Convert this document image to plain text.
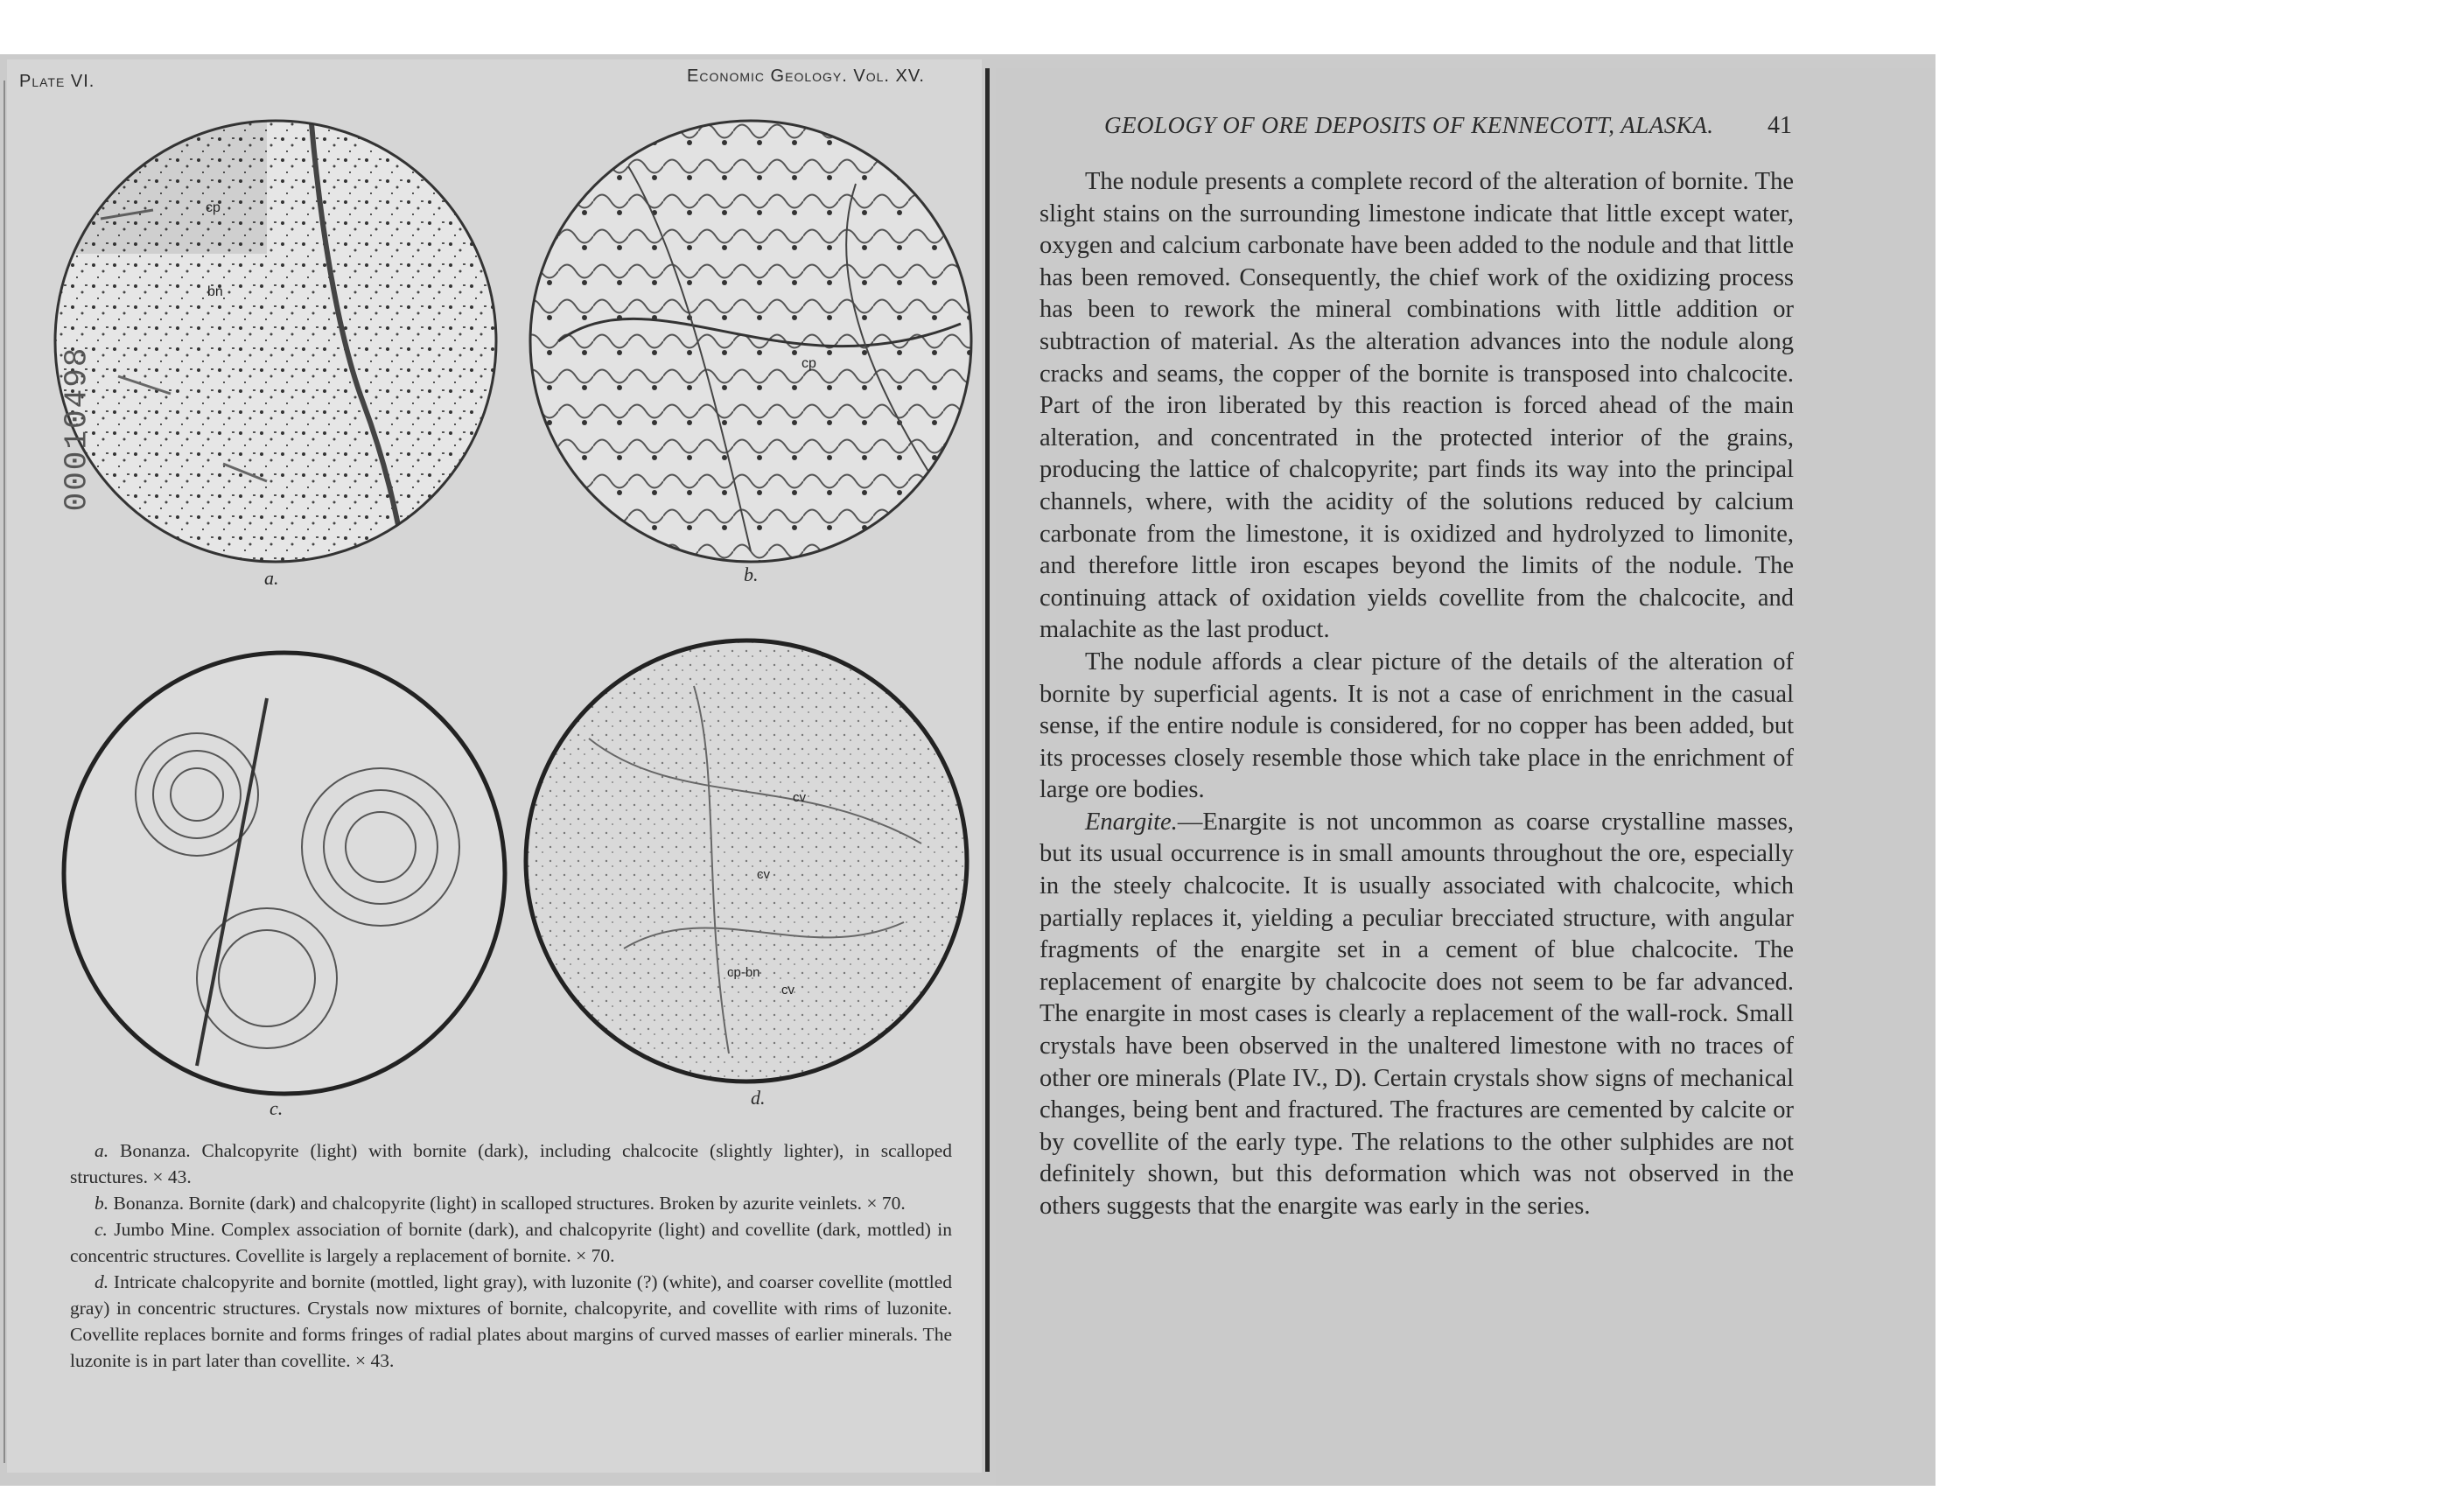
Plate VI.	Economic Geology. Vol. XV.
cp
bn
cp
cv
cv
cp-bn
cv
00010498
a.	b.
c.	d.

a. Bonanza. Chalcopyrite (light) with bornite (dark), including chalcocite (slightly lighter), in scalloped structures. × 43.

b. Bonanza. Bornite (dark) and chalcopyrite (light) in scalloped structures. Broken by azurite veinlets. × 70.

c. Jumbo Mine. Complex association of bornite (dark), and chalcopyrite (light) and covellite (dark, mottled) in concentric structures. Covellite is largely a replacement of bornite. × 70.

d. Intricate chalcopyrite and bornite (mottled, light gray), with luzonite (?) (white), and coarser covellite (mottled gray) in concentric structures. Crystals now mixtures of bornite, chalcopyrite, and covellite with rims of luzonite. Covellite replaces bornite and forms fringes of radial plates about margins of curved masses of earlier minerals. The luzonite is in part later than covellite. × 43.

GEOLOGY OF ORE DEPOSITS OF KENNECOTT, ALASKA.	41

The nodule presents a complete record of the alteration of bornite. The slight stains on the surrounding limestone indicate that little except water, oxygen and calcium carbonate have been added to the nodule and that little has been removed. Consequently, the chief work of the oxidizing process has been to rework the mineral combinations with little addition or subtraction of material. As the alteration advances into the nodule along cracks and seams, the copper of the bornite is transposed into chalcocite. Part of the iron liberated by this reaction is forced ahead of the main alteration, and concentrated in the protected interior of the grains, producing the lattice of chalcopyrite; part finds its way into the principal channels, where, with the acidity of the solutions reduced by calcium carbonate from the limestone, it is oxidized and hydrolyzed to limonite, and therefore little iron escapes beyond the limits of the nodule. The continuing attack of oxidation yields covellite from the chalcocite, and malachite as the last product.

The nodule affords a clear picture of the details of the alteration of bornite by superficial agents. It is not a case of enrichment in the casual sense, if the entire nodule is considered, for no copper has been added, but its processes closely resemble those which take place in the enrichment of large ore bodies.

Enargite.—Enargite is not uncommon as coarse crystalline masses, but its usual occurrence is in small amounts throughout the ore, especially in the steely chalcocite. It is usually associated with chalcocite, which partially replaces it, yielding a peculiar brecciated structure, with angular fragments of the enargite set in a cement of blue chalcocite. The replacement of enargite by chalcocite does not seem to be far advanced. The enargite in most cases is clearly a replacement of the wall-rock. Small crystals have been observed in the unaltered limestone with no traces of other ore minerals (Plate IV., D). Certain crystals show signs of mechanical changes, being bent and fractured. The fractures are cemented by calcite or by covellite of the early type. The relations to the other sulphides are not definitely shown, but this deformation which was not observed in the others suggests that the enargite was early in the series.
